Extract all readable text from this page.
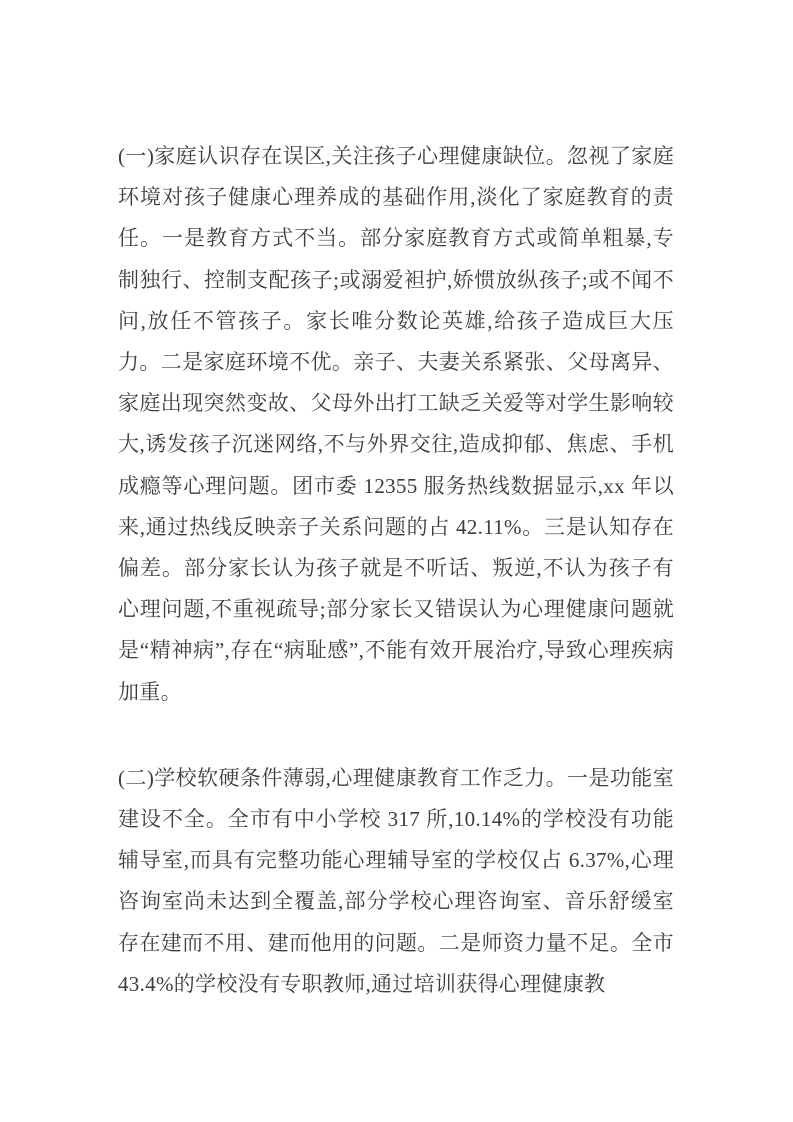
(一)家庭认识存在误区,关注孩子心理健康缺位。忽视了家庭环境对孩子健康心理养成的基础作用,淡化了家庭教育的责任。一是教育方式不当。部分家庭教育方式或简单粗暴,专制独行、控制支配孩子;或溺爱袒护,娇惯放纵孩子;或不闻不问,放任不管孩子。家长唯分数论英雄,给孩子造成巨大压力。二是家庭环境不优。亲子、夫妻关系紧张、父母离异、家庭出现突然变故、父母外出打工缺乏关爱等对学生影响较大,诱发孩子沉迷网络,不与外界交往,造成抑郁、焦虑、手机成瘾等心理问题。团市委 12355 服务热线数据显示,xx 年以来,通过热线反映亲子关系问题的占 42.11%。三是认知存在偏差。部分家长认为孩子就是不听话、叛逆,不认为孩子有心理问题,不重视疏导;部分家长又错误认为心理健康问题就是“精神病”,存在“病耻感”,不能有效开展治疗,导致心理疾病加重。

(二)学校软硬条件薄弱,心理健康教育工作乏力。一是功能室建设不全。全市有中小学校 317 所,10.14%的学校没有功能辅导室,而具有完整功能心理辅导室的学校仅占 6.37%,心理咨询室尚未达到全覆盖,部分学校心理咨询室、音乐舒缓室存在建而不用、建而他用的问题。二是师资力量不足。全市 43.4%的学校没有专职教师,通过培训获得心理健康教
